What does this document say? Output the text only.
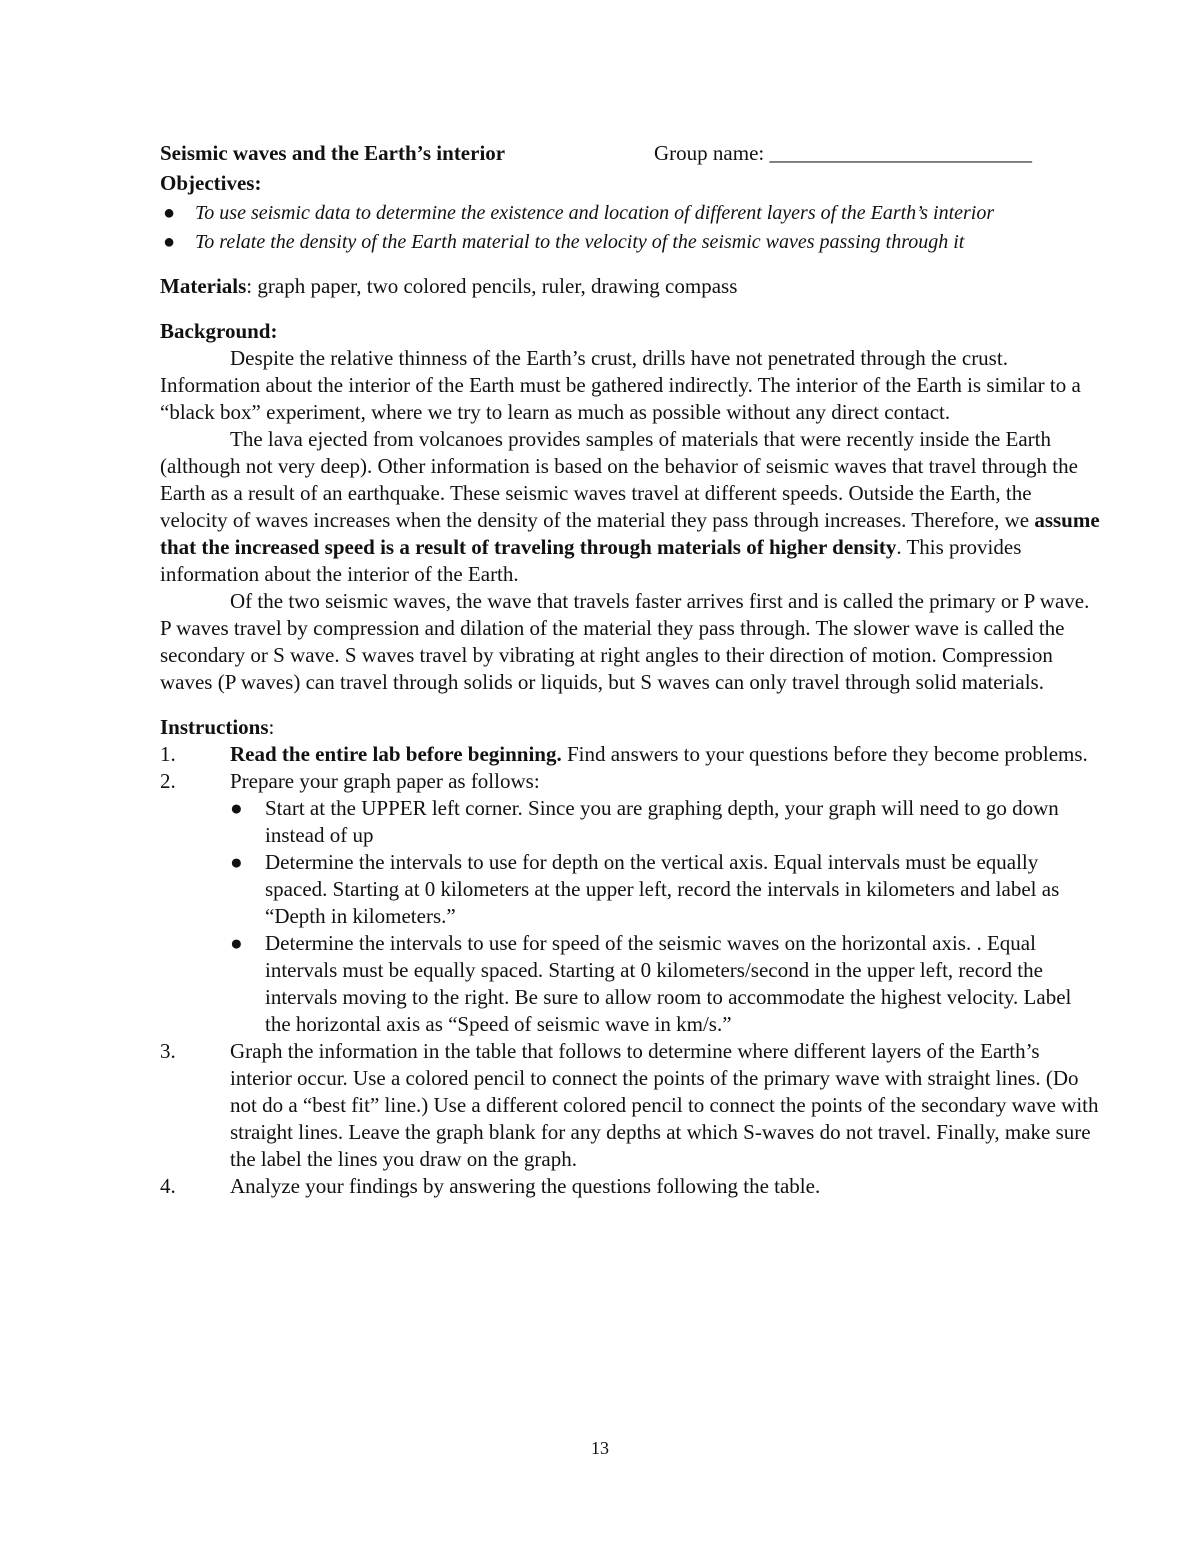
Seismic waves and the Earth’s interior	Group name: _________________________
Objectives:
● To use seismic data to determine the existence and location of different layers of the Earth’s interior
● To relate the density of the Earth material to the velocity of the seismic waves passing through it
Materials: graph paper, two colored pencils, ruler, drawing compass
Background:

Despite the relative thinness of the Earth’s crust, drills have not penetrated through the crust. Information about the interior of the Earth must be gathered indirectly. The interior of the Earth is similar to a “black box” experiment, where we try to learn as much as possible without any direct contact.

The lava ejected from volcanoes provides samples of materials that were recently inside the Earth (although not very deep). Other information is based on the behavior of seismic waves that travel through the Earth as a result of an earthquake. These seismic waves travel at different speeds. Outside the Earth, the velocity of waves increases when the density of the material they pass through increases. Therefore, we assume that the increased speed is a result of traveling through materials of higher density. This provides information about the interior of the Earth.

Of the two seismic waves, the wave that travels faster arrives first and is called the primary or P wave. P waves travel by compression and dilation of the material they pass through. The slower wave is called the secondary or S wave. S waves travel by vibrating at right angles to their direction of motion. Compression waves (P waves) can travel through solids or liquids, but S waves can only travel through solid materials.

Instructions:
1.	Read the entire lab before beginning. Find answers to your questions before they become problems.
2.	Prepare your graph paper as follows:
● Start at the UPPER left corner. Since you are graphing depth, your graph will need to go down instead of up
● Determine the intervals to use for depth on the vertical axis. Equal intervals must be equally spaced. Starting at 0 kilometers at the upper left, record the intervals in kilometers and label as “Depth in kilometers.”
● Determine the intervals to use for speed of the seismic waves on the horizontal axis. . Equal intervals must be equally spaced. Starting at 0 kilometers/second in the upper left, record the intervals moving to the right. Be sure to allow room to accommodate the highest velocity. Label the horizontal axis as “Speed of seismic wave in km/s.”
3.	Graph the information in the table that follows to determine where different layers of the Earth’s interior occur. Use a colored pencil to connect the points of the primary wave with straight lines. (Do not do a “best fit” line.) Use a different colored pencil to connect the points of the secondary wave with straight lines. Leave the graph blank for any depths at which S-waves do not travel. Finally, make sure the label the lines you draw on the graph.
4.	Analyze your findings by answering the questions following the table.
13
